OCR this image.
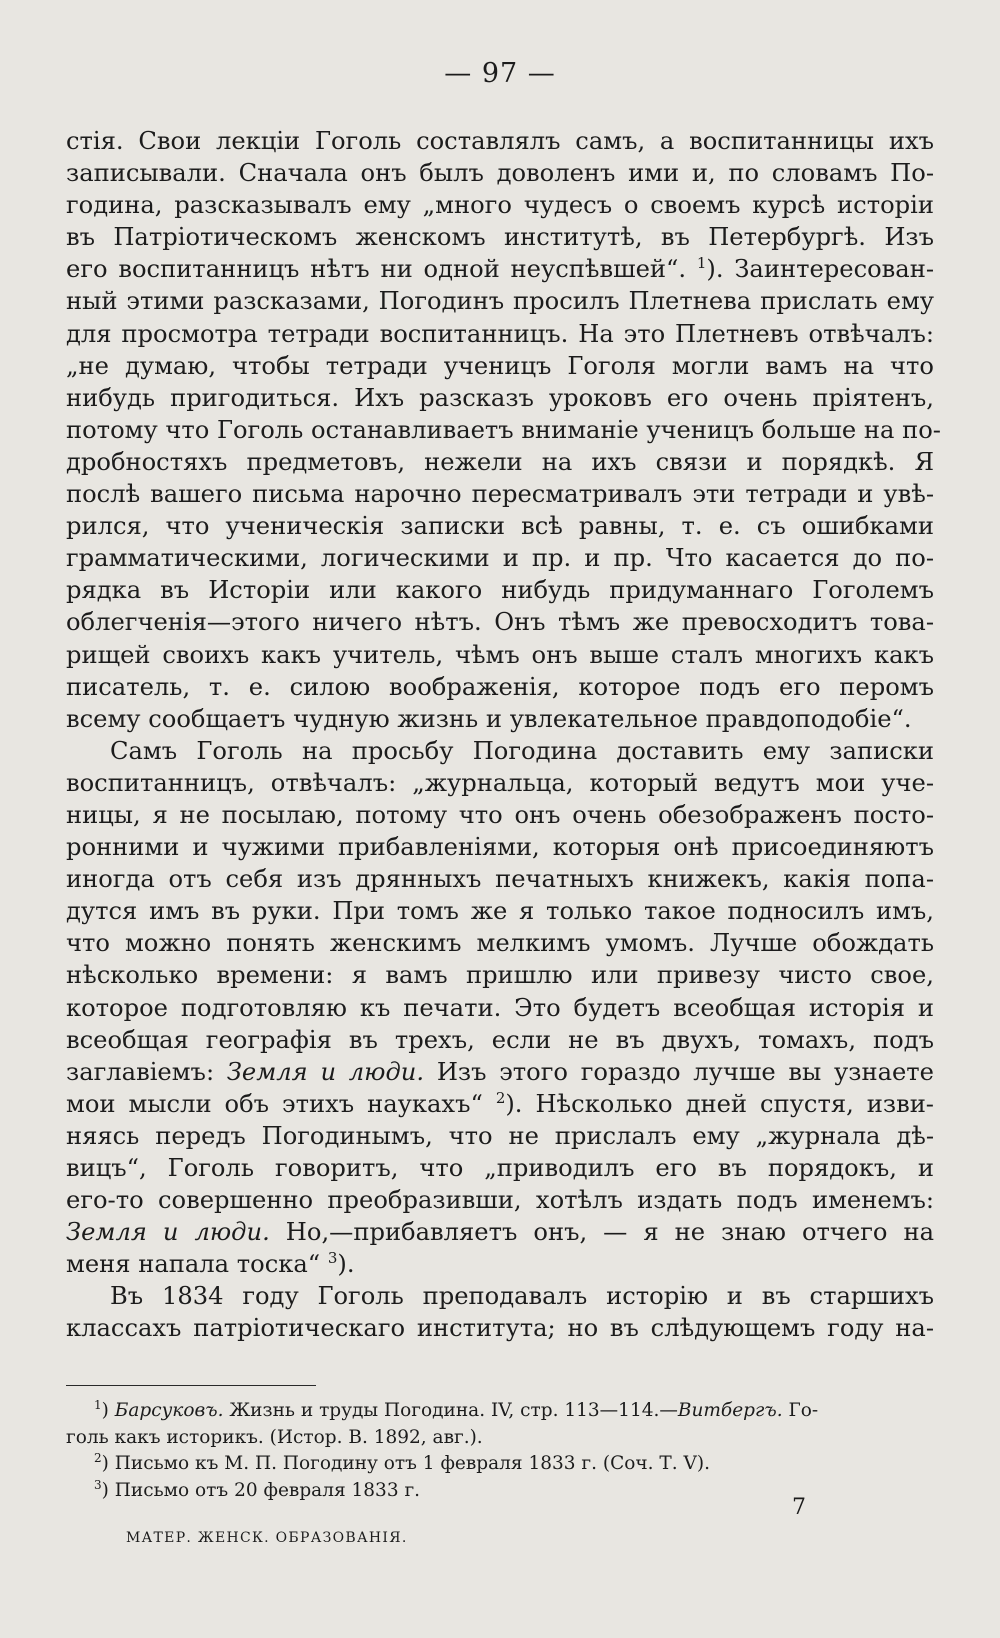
— 97 —

стія. Свои лекціи Гоголь составлялъ самъ, а воспитанницы ихъ
записывали. Сначала онъ былъ доволенъ ими и, по словамъ По-
година, разсказывалъ ему „много чудесъ о своемъ курсѣ исторіи
въ Патріотическомъ женскомъ институтѣ, въ Петербургѣ. Изъ
его воспитанницъ нѣтъ ни одной неуспѣвшей“. $^1$). Заинтересован-
ный этими разсказами, Погодинъ просилъ Плетнева прислать ему
для просмотра тетради воспитанницъ. На это Плетневъ отвѣчалъ:
„не думаю, чтобы тетради ученицъ Гоголя могли вамъ на что
нибудь пригодиться. Ихъ разсказъ уроковъ его очень пріятенъ,
потому что Гоголь останавливаетъ вниманіе ученицъ больше на по-
дробностяхъ предметовъ, нежели на ихъ связи и порядкѣ. Я
послѣ вашего письма нарочно пересматривалъ эти тетради и увѣ-
рился, что ученическія записки всѣ равны, т. е. съ ошибками
грамматическими, логическими и пр. и пр. Что касается до по-
рядка въ Исторіи или какого нибудь придуманнаго Гоголемъ
облегченія—этого ничего нѣтъ. Онъ тѣмъ же превосходитъ това-
рищей своихъ какъ учитель, чѣмъ онъ выше сталъ многихъ какъ
писатель, т. е. силою воображенія, которое подъ его перомъ
всему сообщаетъ чудную жизнь и увлекательное правдоподобіе“.

Самъ Гоголь на просьбу Погодина доставить ему записки
воспитанницъ, отвѣчалъ: „журнальца, который ведутъ мои уче-
ницы, я не посылаю, потому что онъ очень обезображенъ посто-
ронними и чужими прибавленіями, которыя онѣ присоединяютъ
иногда отъ себя изъ дрянныхъ печатныхъ книжекъ, какія попа-
дутся имъ въ руки. При томъ же я только такое подносилъ имъ,
что можно понять женскимъ мелкимъ умомъ. Лучше обождать
нѣсколько времени: я вамъ пришлю или привезу чисто свое,
которое подготовляю къ печати. Это будетъ всеобщая исторія и
всеобщая географія въ трехъ, если не въ двухъ, томахъ, подъ
заглавіемъ: Земля и люди. Изъ этого гораздо лучше вы узнаете
мои мысли объ этихъ наукахъ“ $^2$). Нѣсколько дней спустя, изви-
няясь передъ Погодинымъ, что не прислалъ ему „журнала дѣ-
вицъ“, Гоголь говоритъ, что „приводилъ его въ порядокъ, и
его-то совершенно преобразивши, хотѣлъ издать подъ именемъ:
Земля и люди. Но,—прибавляетъ онъ, — я не знаю отчего на
меня напала тоска“ $^3$).

Въ 1834 году Гоголь преподавалъ исторію и въ старшихъ
классахъ патріотическаго института; но въ слѣдующемъ году на-

$^1$) Барсуковъ. Жизнь и труды Погодина. IV, стр. 113—114.—Витбергъ. Го-
голь какъ историкъ. (Истор. В. 1892, авг.).
$^2$) Письмо къ М. П. Погодину отъ 1 февраля 1833 г. (Соч. Т. V).
$^3$) Письмо отъ 20 февраля 1833 г.
7
МАТЕР. ЖЕНСК. ОБРАЗОВАНІЯ.
